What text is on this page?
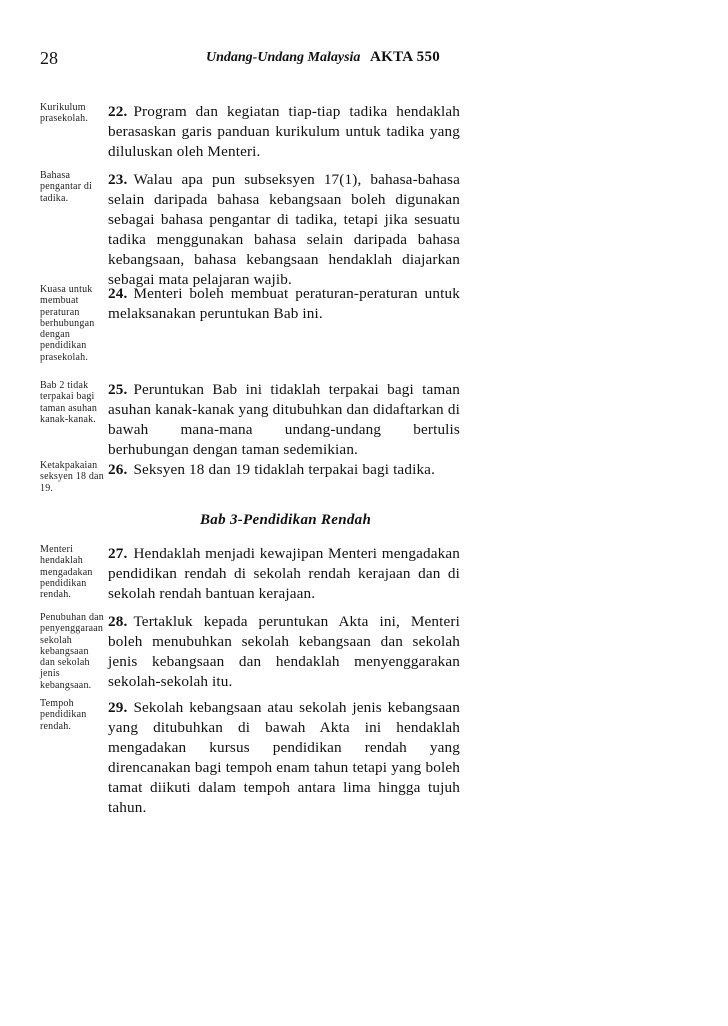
28	Undang-Undang Malaysia AKTA 550
Kurikulum prasekolah.	22. Program dan kegiatan tiap-tiap tadika hendaklah berasaskan garis panduan kurikulum untuk tadika yang diluluskan oleh Menteri.
Bahasa pengantar di tadika.
23. Walau apa pun subseksyen 17(1), bahasa-bahasa selain daripada bahasa kebangsaan boleh digunakan sebagai bahasa pengantar di tadika, tetapi jika sesuatu tadika menggunakan bahasa selain daripada bahasa kebangsaan, bahasa kebangsaan hendaklah diajarkan sebagai mata pelajaran wajib.
Kuasa untuk membuat peraturan berhubungan dengan pendidikan prasekolah.
24. Menteri boleh membuat peraturan-peraturan untuk melaksanakan peruntukan Bab ini.
Bab 2 tidak terpakai bagi taman asuhan kanak-kanak.
25. Peruntukan Bab ini tidaklah terpakai bagi taman asuhan kanak-kanak yang ditubuhkan dan didaftarkan di bawah mana-mana undang-undang bertulis berhubungan dengan taman sedemikian.
Ketakpakaian seksyen 18 dan 19.
26. Seksyen 18 dan 19 tidaklah terpakai bagi tadika.
Bab 3-Pendidikan Rendah
Menteri hendaklah mengadakan pendidikan rendah.
27. Hendaklah menjadi kewajipan Menteri mengadakan pendidikan rendah di sekolah rendah kerajaan dan di sekolah rendah bantuan kerajaan.
Penubuhan dan penyenggaraan sekolah kebangsaan dan sekolah jenis kebangsaan.
28. Tertakluk kepada peruntukan Akta ini, Menteri boleh menubuhkan sekolah kebangsaan dan sekolah jenis kebangsaan dan hendaklah menyenggarakan sekolah-sekolah itu.
Tempoh pendidikan rendah.
29. Sekolah kebangsaan atau sekolah jenis kebangsaan yang ditubuhkan di bawah Akta ini hendaklah mengadakan kursus pendidikan rendah yang direncanakan bagi tempoh enam tahun tetapi yang boleh tamat diikuti dalam tempoh antara lima hingga tujuh tahun.
